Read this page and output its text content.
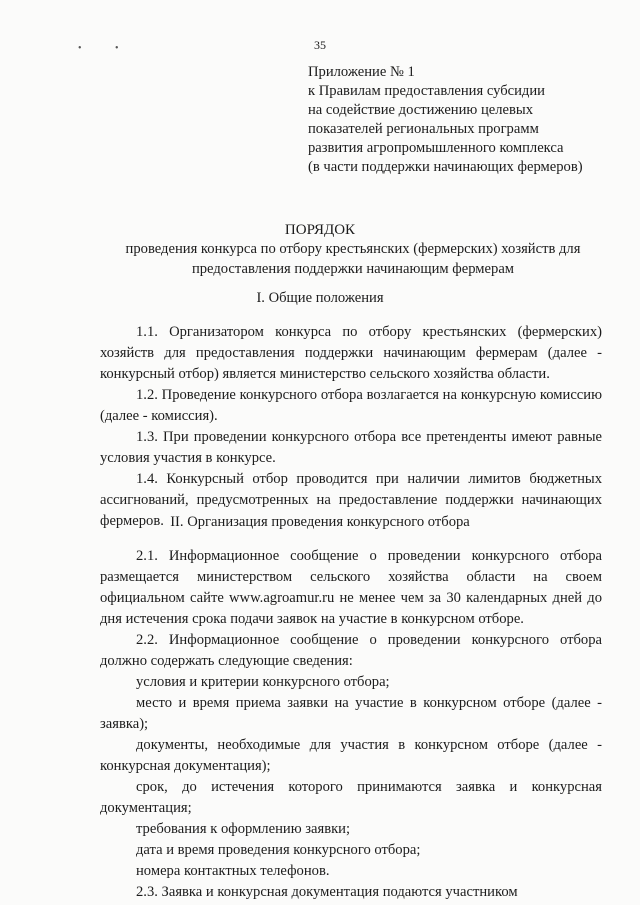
•	•	35
Приложение № 1
к Правилам предоставления субсидии
на содействие достижению целевых
показателей региональных программ
развития агропромышленного комплекса
(в части поддержки начинающих фермеров)
ПОРЯДОК
проведения конкурса по отбору крестьянских (фермерских) хозяйств для предоставления поддержки начинающим фермерам
I. Общие положения

1.1. Организатором конкурса по отбору крестьянских (фермерских) хозяйств для предоставления поддержки начинающим фермерам (далее - конкурсный отбор) является министерство сельского хозяйства области.

1.2. Проведение конкурсного отбора возлагается на конкурсную комиссию (далее - комиссия).

1.3. При проведении конкурсного отбора все претенденты имеют равные условия участия в конкурсе.

1.4. Конкурсный отбор проводится при наличии лимитов бюджетных ассигнований, предусмотренных на предоставление поддержки начинающих фермеров. II. Организация проведения конкурсного отбора

2.1. Информационное сообщение о проведении конкурсного отбора размещается министерством сельского хозяйства области на своем официальном сайте www.agroamur.ru не менее чем за 30 календарных дней до дня истечения срока подачи заявок на участие в конкурсном отборе.

2.2. Информационное сообщение о проведении конкурсного отбора должно содержать следующие сведения:

условия и критерии конкурсного отбора;

место и время приема заявки на участие в конкурсном отборе (далее - заявка);

документы, необходимые для участия в конкурсном отборе (далее - конкурсная документация);

срок, до истечения которого принимаются заявка и конкурсная документация;

требования к оформлению заявки;

дата и время проведения конкурсного отбора;

номера контактных телефонов.

2.3. Заявка и конкурсная документация подаются участником
